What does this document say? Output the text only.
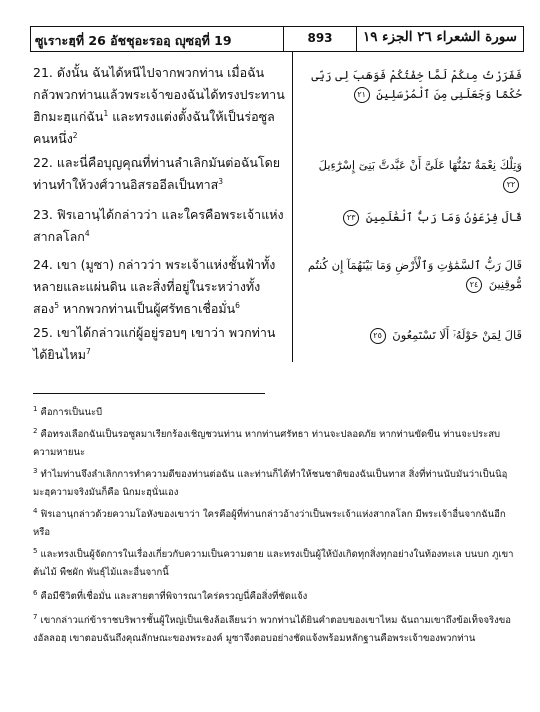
ซูเราะฮฺที่ 26 อัชชุอะรออฺ ญุซอฺที่ 19	893	سورة الشعراء ٢٦ الجزء ١٩
21. ดังนั้น ฉันได้หนีไปจากพวกท่าน เมื่อฉันกลัวพวกท่านแล้วพระเจ้าของฉันได้ทรงประทานฮิกมะฮฺแก่ฉัน$^1$ และทรงแต่งตั้งฉันให้เป็นร่อซูลคนหนึ่ง$^2$
فَفَرَرْتُ مِنكُمْ لَمَّا خِفْتُكُمْ فَوَهَبَ لِى رَبِّى حُكْمًا وَجَعَلَنِى مِنَ ٱلْمُرْسَلِينَ ٢١
22. และนี่คือบุญคุณที่ท่านลำเลิกมันต่อฉันโดยท่านทำให้วงศ์วานอิสรออีลเป็นทาส$^3$
وَتِلْكَ نِعْمَةٌ تَمُنُّهَا عَلَىَّ أَنْ عَبَّدتَّ بَنِىٓ إِسْرَٰٓءِيلَ ٢٢
23. ฟิรเอานฺได้กล่าวว่า และใครคือพระเจ้าแห่งสากลโลก$^4$
قَالَ فِرْعَوْنُ وَمَا رَبُّ ٱلْعَٰلَمِينَ ٢٣
24. เขา (มูซา) กล่าวว่า พระเจ้าแห่งชั้นฟ้าทั้งหลายและแผ่นดิน และสิ่งที่อยู่ในระหว่างทั้งสอง$^5$ หากพวกท่านเป็นผู้ศรัทธาเชื่อมั่น$^6$
قَالَ رَبُّ ٱلسَّمَٰوَٰتِ وَٱلْأَرْضِ وَمَا بَيْنَهُمَآ إِن كُنتُم مُّوقِنِينَ ٢٤
25. เขาได้กล่าวแก่ผู้อยู่รอบๆ เขาว่า พวกท่านได้ยินไหม$^7$
قَالَ لِمَنْ حَوْلَهُۥٓ أَلَا تَسْتَمِعُونَ ٢٥
$^1$ คือการเป็นนะบี
$^2$ คือทรงเลือกฉันเป็นรอซูลมาเรียกร้องเชิญชวนท่าน หากท่านศรัทธา ท่านจะปลอดภัย หากท่านขัดขืน ท่านจะประสบความหายนะ
$^3$ ทำไมท่านจึงลำเลิกการทำความดีของท่านต่อฉัน และท่านก็ได้ทำให้ชนชาติของฉันเป็นทาส สิ่งที่ท่านนับมันว่าเป็นนิอฺมะฮฺความจริงมันก็คือ นิกมะฮฺนั่นเอง
$^4$ ฟิรเอานฺกล่าวด้วยความโอหังของเขาว่า ใครคือผู้ที่ท่านกล่าวอ้างว่าเป็นพระเจ้าแห่งสากลโลก มีพระเจ้าอื่นจากฉันอีกหรือ
$^5$ และทรงเป็นผู้จัดการในเรื่องเกี่ยวกับความเป็นความตาย และทรงเป็นผู้ให้บังเกิดทุกสิ่งทุกอย่างในท้องทะเล บนบก ภูเขา ต้นไม้ พืชผัก พันธุ์ไม้และอื่นจากนี้
$^6$ คือมีชีวิตที่เชื่อมั่น และสายตาที่พิจารณาใคร่ครวญนี่คือสิ่งที่ชัดแจ้ง
$^7$ เขากล่าวแก่ข้าราชบริพารชั้นผู้ใหญ่เป็นเชิงล้อเลียนว่า พวกท่านได้ยินคำตอบของเขาไหม ฉันถามเขาถึงข้อเท็จจริงของอัลลอฮฺ เขาตอบฉันถึงคุณลักษณะของพระองค์ มูซาจึงตอบอย่างชัดแจ้งพร้อมหลักฐานคือพระเจ้าของพวกท่าน
